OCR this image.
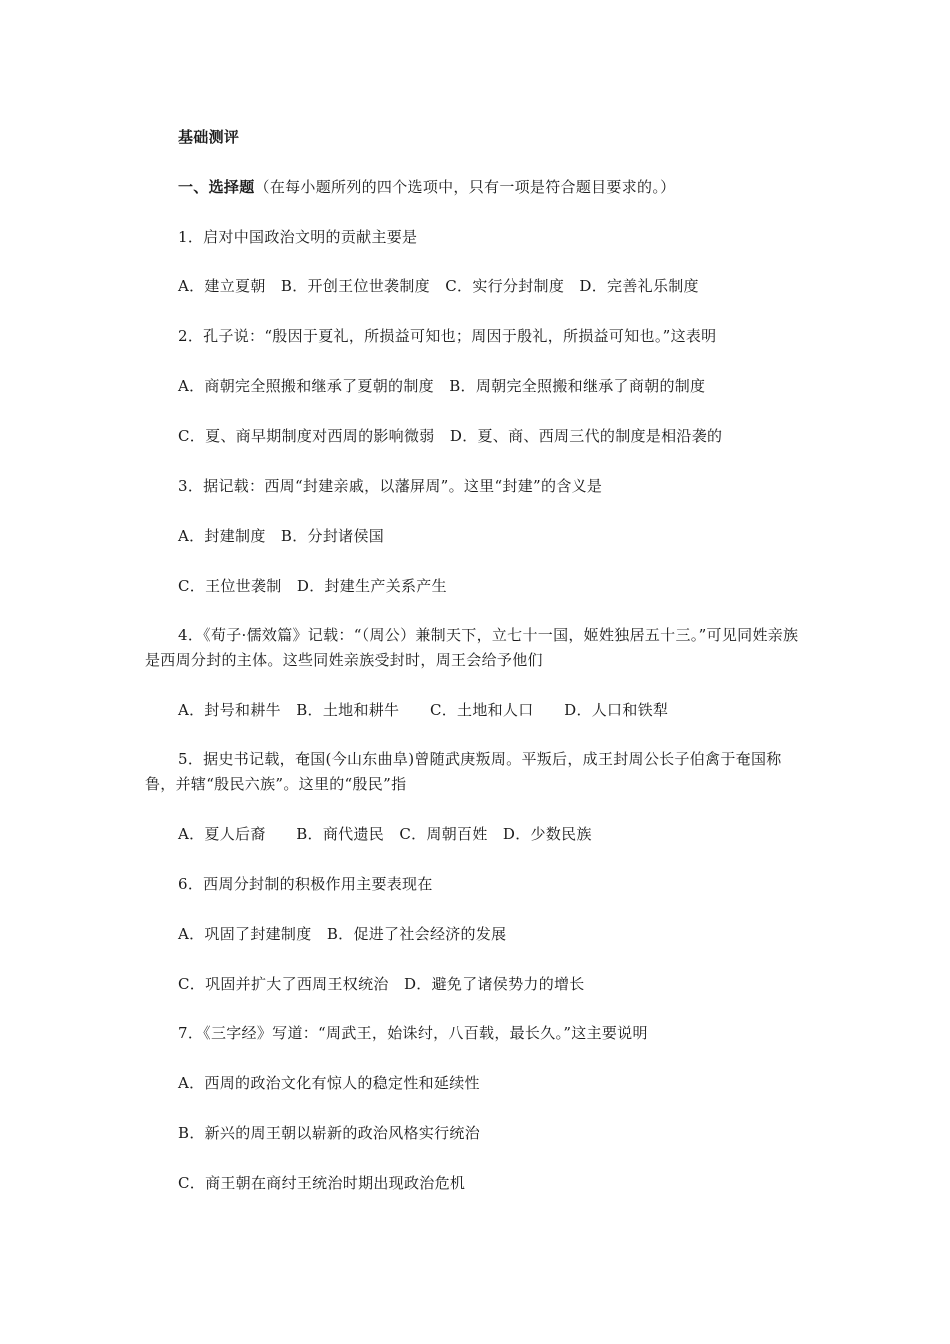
基础测评
一、选择题（在每小题所列的四个选项中，只有一项是符合题目要求的。）
1．启对中国政治文明的贡献主要是
A．建立夏朝　B．开创王位世袭制度　C．实行分封制度　D．完善礼乐制度
2．孔子说：“殷因于夏礼，所损益可知也；周因于殷礼，所损益可知也。”这表明
A．商朝完全照搬和继承了夏朝的制度　B．周朝完全照搬和继承了商朝的制度
C．夏、商早期制度对西周的影响微弱　D．夏、商、西周三代的制度是相沿袭的
3．据记载：西周“封建亲戚，以藩屏周”。这里“封建”的含义是
A．封建制度　B．分封诸侯国
C．王位世袭制　D．封建生产关系产生
4．《荀子·儒效篇》记载：“（周公）兼制天下，立七十一国，姬姓独居五十三。”可见同姓亲族是西周分封的主体。这些同姓亲族受封时，周王会给予他们
A．封号和耕牛　B．土地和耕牛　　C．土地和人口　　D．人口和铁犁
5．据史书记载，奄国(今山东曲阜)曾随武庚叛周。平叛后，成王封周公长子伯禽于奄国称鲁，并辖“殷民六族”。这里的“殷民”指
A．夏人后裔　　B．商代遗民　C．周朝百姓　D．少数民族
6．西周分封制的积极作用主要表现在
A．巩固了封建制度　B．促进了社会经济的发展
C．巩固并扩大了西周王权统治　D．避免了诸侯势力的增长
7．《三字经》写道：“周武王，始诛纣，八百载，最长久。”这主要说明
A．西周的政治文化有惊人的稳定性和延续性
B．新兴的周王朝以崭新的政治风格实行统治
C．商王朝在商纣王统治时期出现政治危机
